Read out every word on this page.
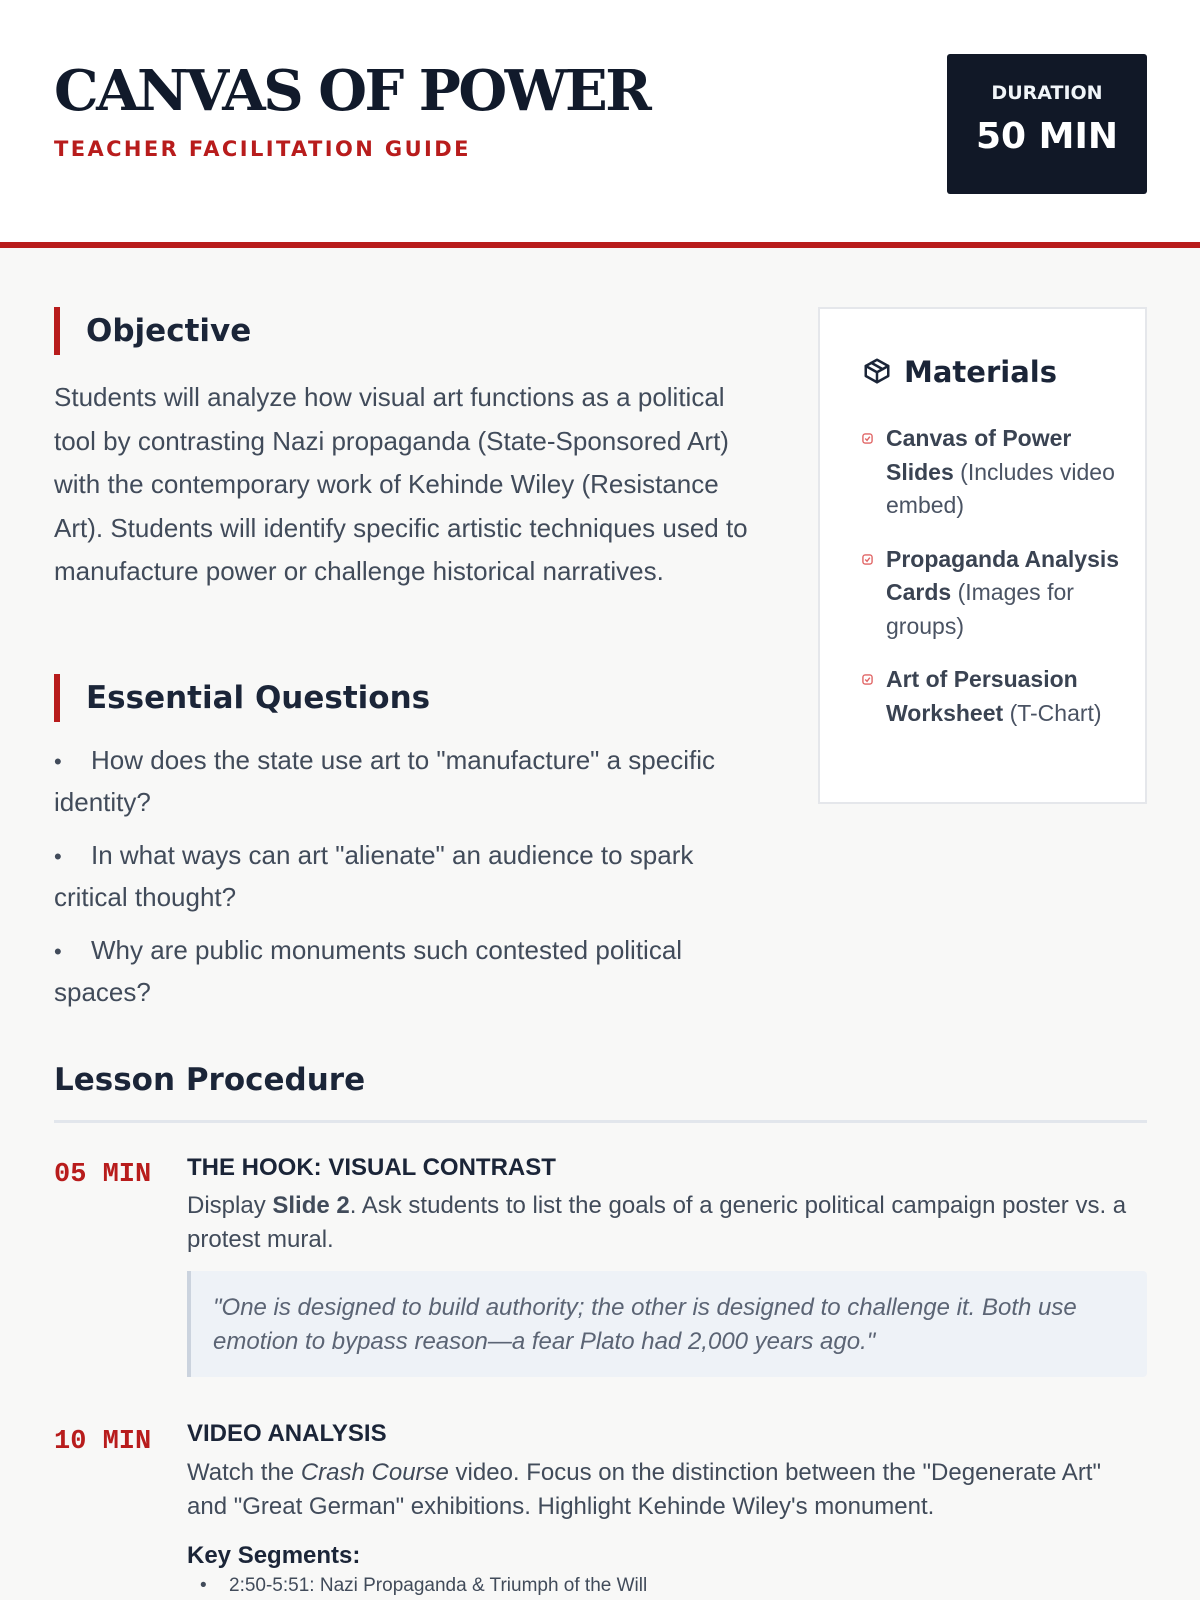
CANVAS OF POWER
TEACHER FACILITATION GUIDE
DURATION
50 MIN
Objective

Students will analyze how visual art functions as a political tool by contrasting Nazi propaganda (State-Sponsored Art) with the contemporary work of Kehinde Wiley (Resistance Art). Students will identify specific artistic techniques used to manufacture power or challenge historical narratives.

Essential Questions
• How does the state use art to "manufacture" a specific identity?
• In what ways can art "alienate" an audience to spark critical thought?
• Why are public monuments such contested political spaces?
Materials
Canvas of Power Slides (Includes video embed)
Propaganda Analysis Cards (Images for groups)
Art of Persuasion Worksheet (T-Chart)
Lesson Procedure
05 MIN THE HOOK: VISUAL CONTRAST
Display Slide 2. Ask students to list the goals of a generic political campaign poster vs. a protest mural.
"One is designed to build authority; the other is designed to challenge it. Both use emotion to bypass reason—a fear Plato had 2,000 years ago."
10 MIN VIDEO ANALYSIS
Watch the Crash Course video. Focus on the distinction between the "Degenerate Art" and "Great German" exhibitions. Highlight Kehinde Wiley's monument.
Key Segments:
• 2:50-5:51: Nazi Propaganda & Triumph of the Will
